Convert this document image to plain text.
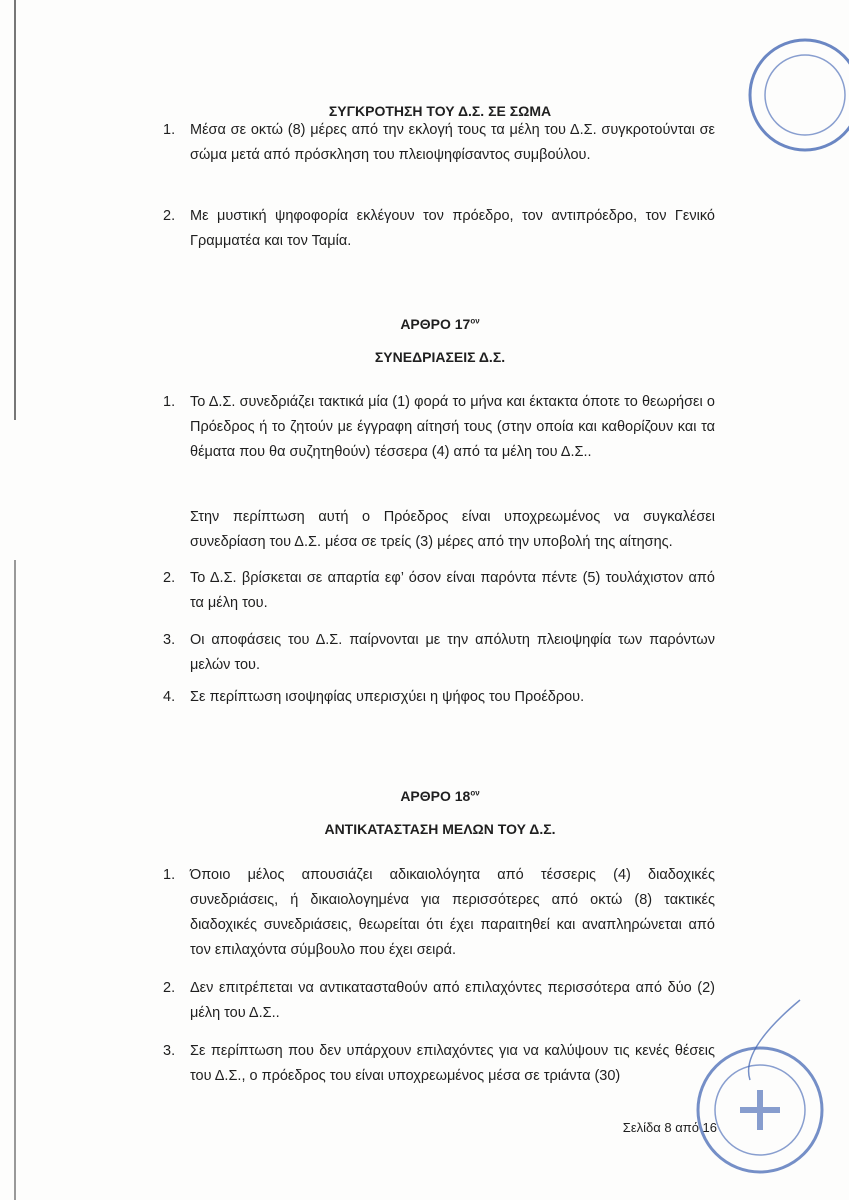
ΣΥΓΚΡΟΤΗΣΗ ΤΟΥ Δ.Σ. ΣΕ ΣΩΜΑ
1.	Μέσα σε οκτώ (8) μέρες από την εκλογή τους τα μέλη του Δ.Σ. συγκροτούνται σε σώμα μετά από πρόσκληση του πλειοψηφίσαντος συμβούλου.
2.	Με μυστική ψηφοφορία εκλέγουν τον πρόεδρο, τον αντιπρόεδρο, τον Γενικό Γραμματέα και τον Ταμία.
ΑΡΘΡΟ $17^{o\nu}$
ΣΥΝΕΔΡΙΑΣΕΙΣ Δ.Σ.
1.	Το Δ.Σ. συνεδριάζει τακτικά μία (1) φορά το μήνα και έκτακτα όποτε το θεωρήσει ο Πρόεδρος ή το ζητούν με έγγραφη αίτησή τους (στην οποία και καθορίζουν και τα θέματα που θα συζητηθούν) τέσσερα (4) από τα μέλη του Δ.Σ..
Στην περίπτωση αυτή ο Πρόεδρος είναι υποχρεωμένος να συγκαλέσει συνεδρίαση του Δ.Σ. μέσα σε τρείς (3) μέρες από την υποβολή της αίτησης.
2.	Το Δ.Σ. βρίσκεται σε απαρτία εφ’ όσον είναι παρόντα πέντε (5) τουλάχιστον από τα μέλη του.
3.	Οι αποφάσεις του Δ.Σ. παίρνονται με την απόλυτη πλειοψηφία των παρόντων μελών του.
4.	Σε περίπτωση ισοψηφίας υπερισχύει η ψήφος του Προέδρου.
ΑΡΘΡΟ $18^{o\nu}$
ΑΝΤΙΚΑΤΑΣΤΑΣΗ ΜΕΛΩΝ ΤΟΥ Δ.Σ.
1.	Όποιο μέλος απουσιάζει αδικαιολόγητα από τέσσερις (4) διαδοχικές συνεδριάσεις, ή δικαιολογημένα για περισσότερες από οκτώ (8) τακτικές διαδοχικές συνεδριάσεις, θεωρείται ότι έχει παραιτηθεί και αναπληρώνεται από τον επιλαχόντα σύμβουλο που έχει σειρά.
2.	Δεν επιτρέπεται να αντικατασταθούν από επιλαχόντες περισσότερα από δύο (2) μέλη του Δ.Σ..
3.	Σε περίπτωση που δεν υπάρχουν επιλαχόντες για να καλύψουν τις κενές θέσεις του Δ.Σ., ο πρόεδρος του είναι υποχρεωμένος μέσα σε τριάντα (30)
Σελίδα 8 από 16
